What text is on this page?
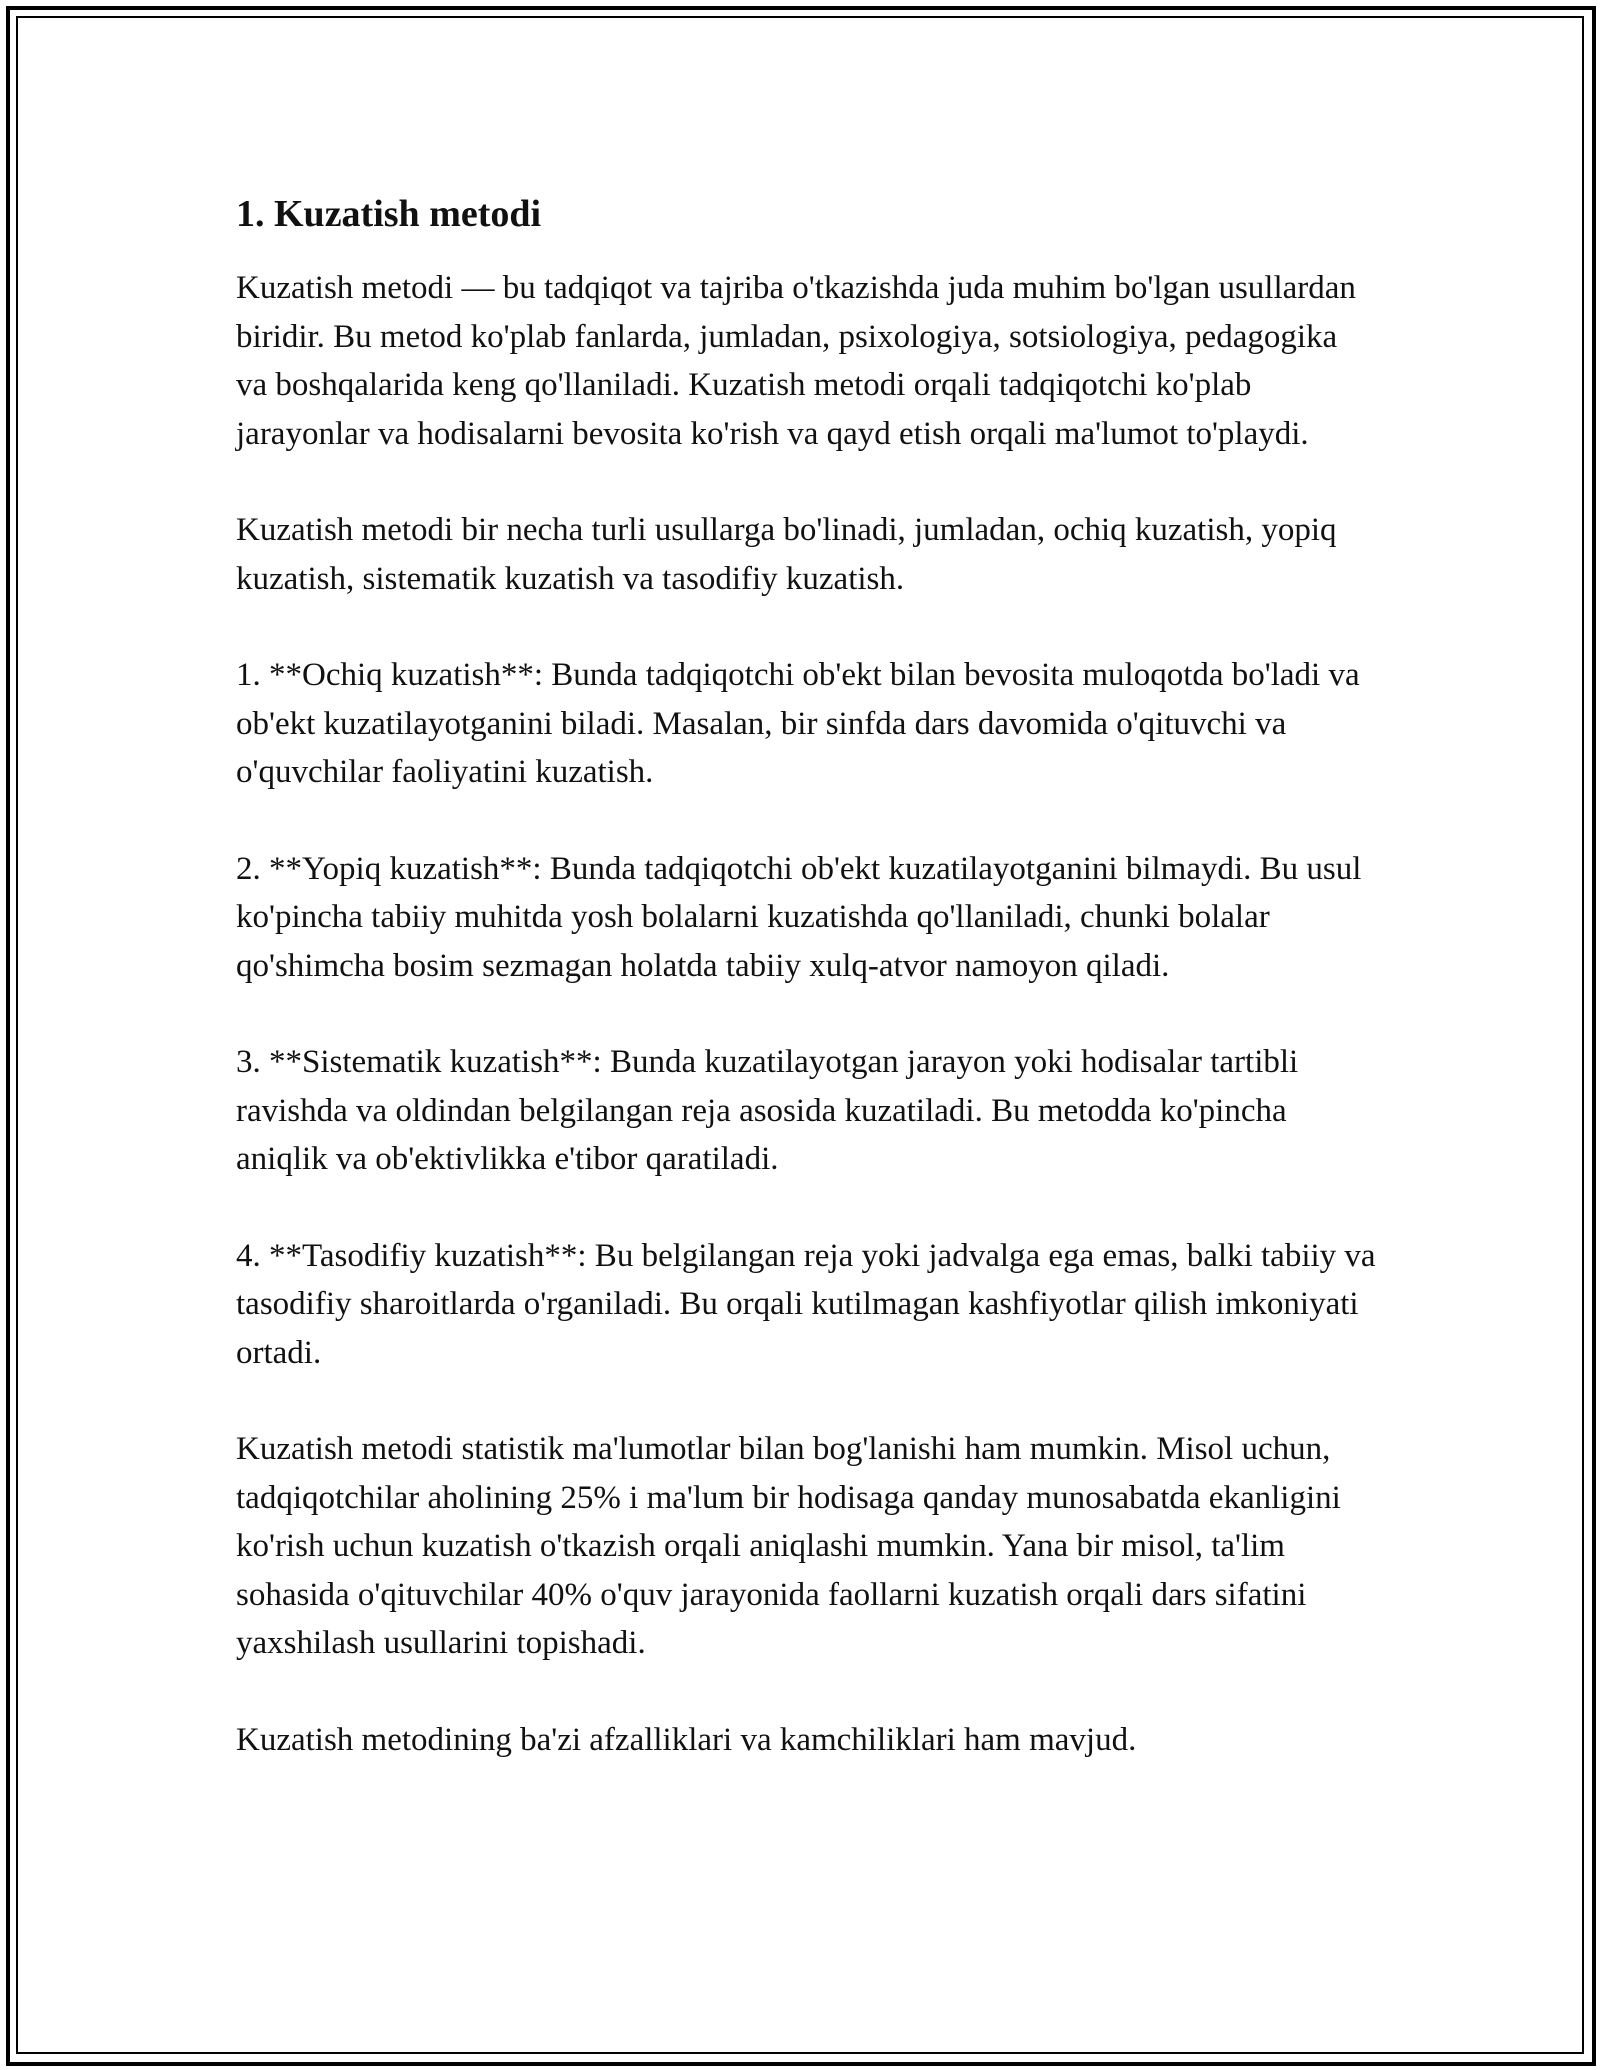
1. Kuzatish metodi

Kuzatish metodi — bu tadqiqot va tajriba o'tkazishda juda muhim bo'lgan usullardan biridir. Bu metod ko'plab fanlarda, jumladan, psixologiya, sotsiologiya, pedagogika va boshqalarida keng qo'llaniladi. Kuzatish metodi orqali tadqiqotchi ko'plab jarayonlar va hodisalarni bevosita ko'rish va qayd etish orqali ma'lumot to'playdi.

Kuzatish metodi bir necha turli usullarga bo'linadi, jumladan, ochiq kuzatish, yopiq kuzatish, sistematik kuzatish va tasodifiy kuzatish.

1. **Ochiq kuzatish**: Bunda tadqiqotchi ob'ekt bilan bevosita muloqotda bo'ladi va ob'ekt kuzatilayotganini biladi. Masalan, bir sinfda dars davomida o'qituvchi va o'quvchilar faoliyatini kuzatish.

2. **Yopiq kuzatish**: Bunda tadqiqotchi ob'ekt kuzatilayotganini bilmaydi. Bu usul ko'pincha tabiiy muhitda yosh bolalarni kuzatishda qo'llaniladi, chunki bolalar qo'shimcha bosim sezmagan holatda tabiiy xulq-atvor namoyon qiladi.

3. **Sistematik kuzatish**: Bunda kuzatilayotgan jarayon yoki hodisalar tartibli ravishda va oldindan belgilangan reja asosida kuzatiladi. Bu metodda ko'pincha aniqlik va ob'ektivlikka e'tibor qaratiladi.

4. **Tasodifiy kuzatish**: Bu belgilangan reja yoki jadvalga ega emas, balki tabiiy va tasodifiy sharoitlarda o'rganiladi. Bu orqali kutilmagan kashfiyotlar qilish imkoniyati ortadi.

Kuzatish metodi statistik ma'lumotlar bilan bog'lanishi ham mumkin. Misol uchun, tadqiqotchilar aholining 25% i ma'lum bir hodisaga qanday munosabatda ekanligini ko'rish uchun kuzatish o'tkazish orqali aniqlashi mumkin. Yana bir misol, ta'lim sohasida o'qituvchilar 40% o'quv jarayonida faollarni kuzatish orqali dars sifatini yaxshilash usullarini topishadi.

Kuzatish metodining ba'zi afzalliklari va kamchiliklari ham mavjud.
